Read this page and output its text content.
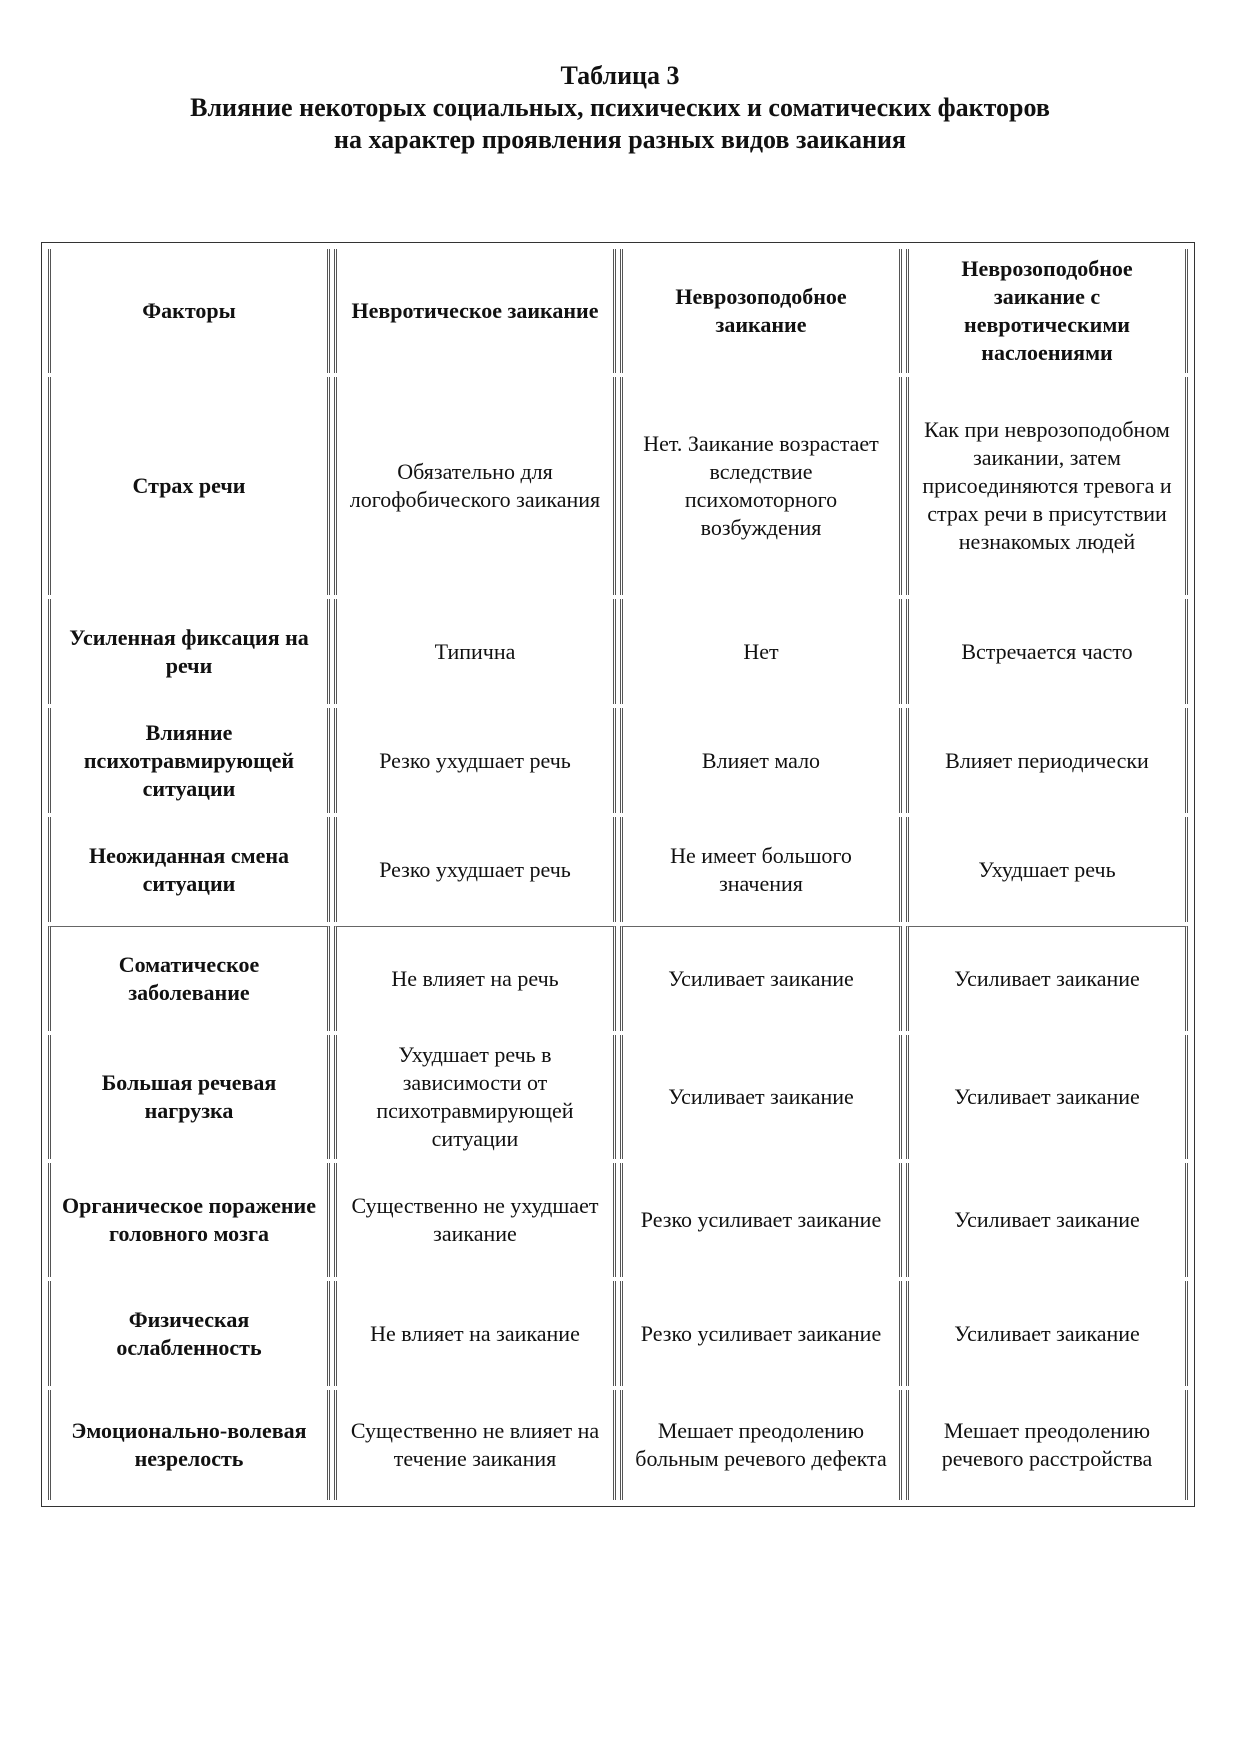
Таблица 3
Влияние некоторых социальных, психических и соматических факторов
на характер проявления разных видов заикания
Факторы	Невротическое заикание	Неврозоподобное заикание	Неврозоподобное заикание с невротическими наслоениями
Страх речи	Обязательно для логофобического заикания	Нет. Заикание возрастает вследствие психомоторного возбуждения	Как при неврозоподобном заикании, затем присоединяются тревога и страх речи в присутствии незнакомых людей
Усиленная фиксация на речи	Типична	Нет	Встречается часто
Влияние психотравмирующей ситуации	Резко ухудшает речь	Влияет мало	Влияет периодически
Неожиданная смена ситуации	Резко ухудшает речь	Не имеет большого значения	Ухудшает речь
Соматическое заболевание	Не влияет на речь	Усиливает заикание	Усиливает заикание
Большая речевая нагрузка	Ухудшает речь в зависимости от психотравмирующей ситуации	Усиливает заикание	Усиливает заикание
Органическое поражение головного мозга	Существенно не ухудшает заикание	Резко усиливает заикание	Усиливает заикание
Физическая ослабленность	Не влияет на заикание	Резко усиливает заикание	Усиливает заикание
Эмоционально-волевая незрелость	Существенно не влияет на течение заикания	Мешает преодолению больным речевого дефекта	Мешает преодолению речевого расстройства
